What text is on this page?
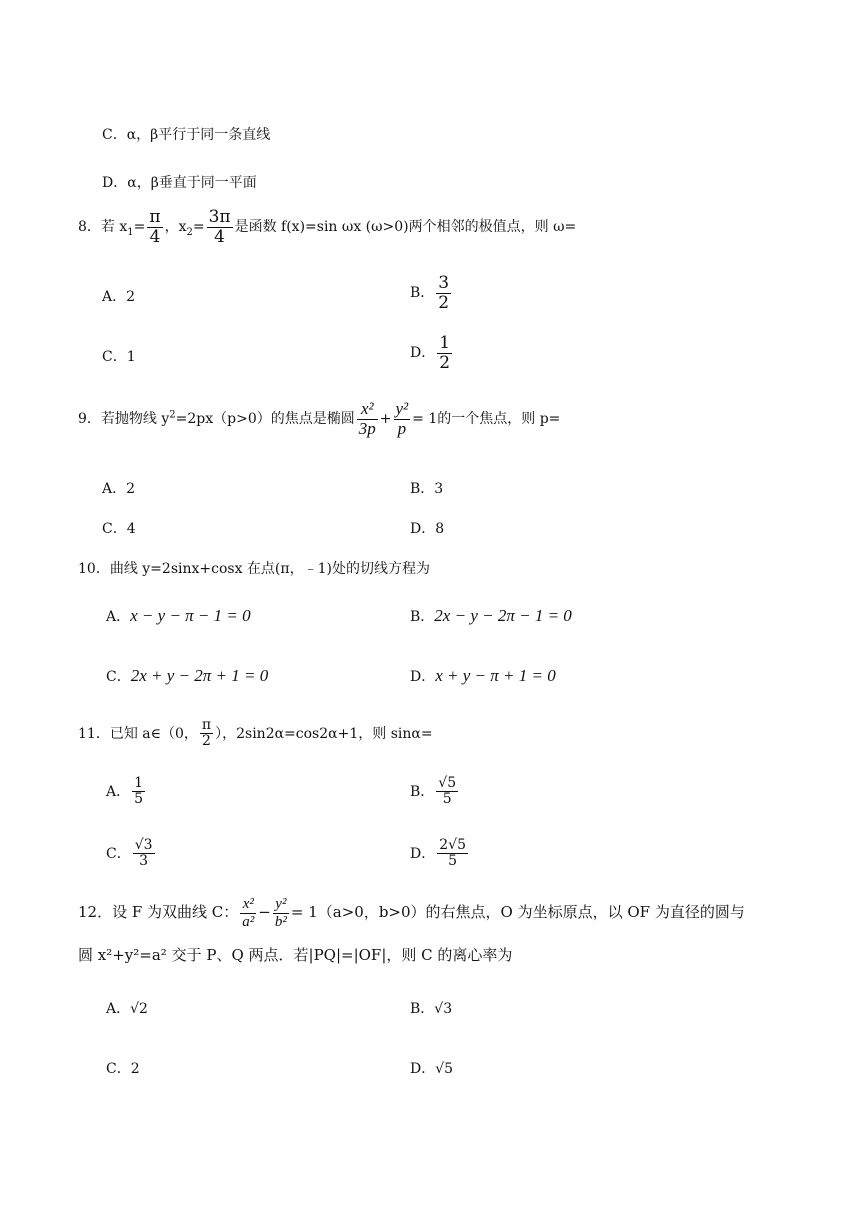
C．α，β平行于同一条直线
D．α，β垂直于同一平面
8．若 $x_1= \frac{\pi}{4}$ ，$x_2= \frac{3\pi}{4}$ 是函数 f(x)=sin ωx (ω>0)两个相邻的极值点，则 ω=
A．2	B． $\frac{3}{2}$
C．1	D． $\frac{1}{2}$
9．若抛物线 $y^2=2px(p>0)$的焦点是椭圆 $\frac{\text{x²}}{3p} + \frac{\text{y²}}{p} = 1$的一个焦点，则 p=
A．2	B．3
C．4	D．8
10．曲线 y=2sinx+cosx 在点(π，﹣1)处的切线方程为
A．x − y − π − 1 = 0	B．2x − y − 2π − 1 = 0
C．2x + y − 2π + 1 = 0	D．x + y − π + 1 = 0
11．已知 a∈（0， $\frac{\pi}{2}$ ），2sin2α=cos2α+1，则 sinα=
A． $\frac{1}{5}$	B． $\frac{√5}{5}$
C． $\frac{√3}{3}$	D． $\frac{2√5}{5}$
12．设 F 为双曲线 C： $\frac{\text{x²}}{\text{a²}} - \frac{\text{y²}}{\text{b²}} = 1(a>0$，b>0）的右焦点，O 为坐标原点，以 OF 为直径的圆与
圆 x²+y²=a² 交于 P、Q 两点．若|PQ|=|OF|，则 C 的离心率为
A．√2	B．√3
C．2	D．√5
